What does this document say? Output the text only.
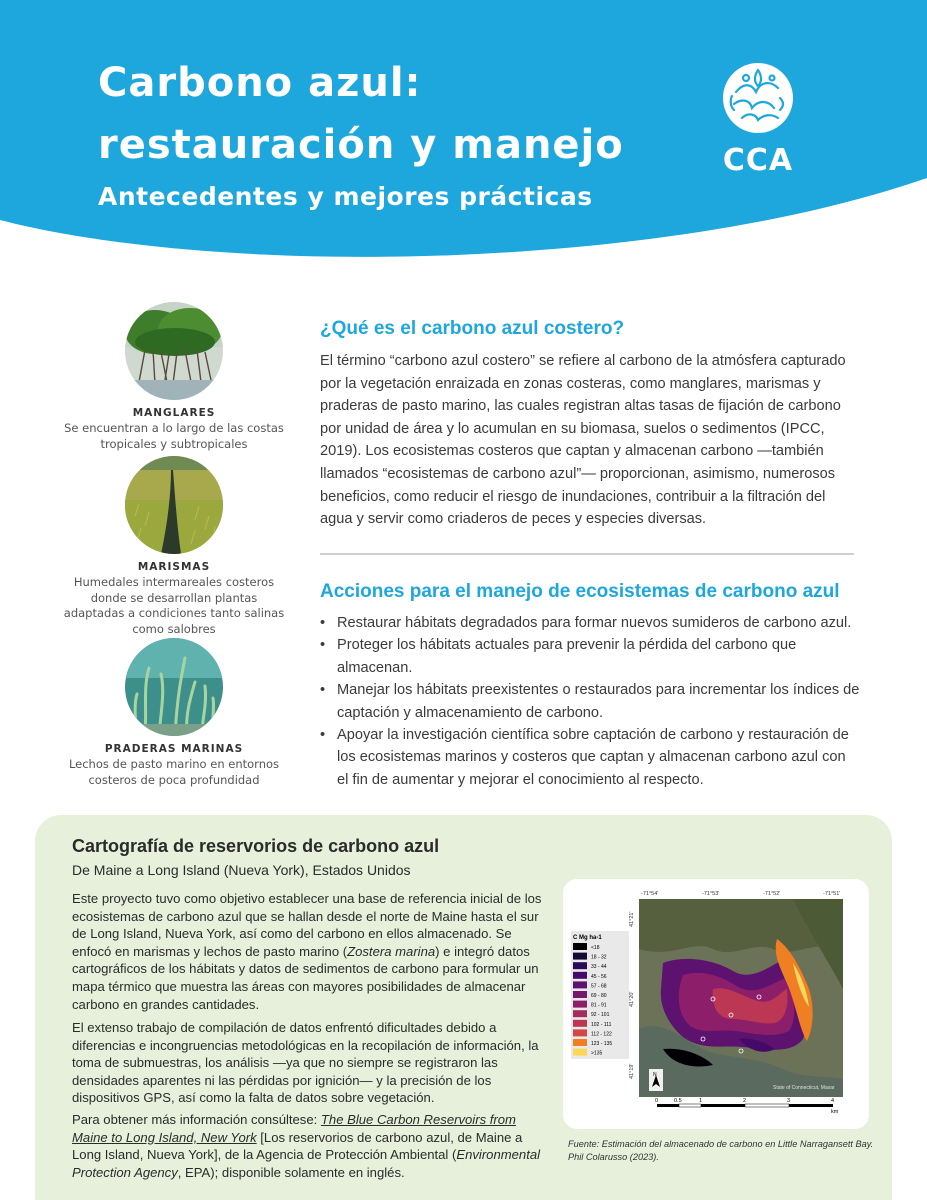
Carbono azul:
restauración y manejo
Antecedentes y mejores prácticas
CCA
MANGLARES
Se encuentran a lo largo de las costas tropicales y subtropicales
MARISMAS
Humedales intermareales costeros donde se desarrollan plantas adaptadas a condiciones tanto salinas como salobres
PRADERAS MARINAS
Lechos de pasto marino en entornos costeros de poca profundidad
¿Qué es el carbono azul costero?
El término “carbono azul costero” se refiere al carbono de la atmósfera capturado por la vegetación enraizada en zonas costeras, como manglares, marismas y praderas de pasto marino, las cuales registran altas tasas de fijación de carbono por unidad de área y lo acumulan en su biomasa, suelos o sedimentos (IPCC, 2019). Los ecosistemas costeros que captan y almacenan carbono —también llamados “ecosistemas de carbono azul”— proporcionan, asimismo, numerosos beneficios, como reducir el riesgo de inundaciones, contribuir a la filtración del agua y servir como criaderos de peces y especies diversas.
Acciones para el manejo de ecosistemas de carbono azul
• Restaurar hábitats degradados para formar nuevos sumideros de carbono azul.
• Proteger los hábitats actuales para prevenir la pérdida del carbono que almacenan.
• Manejar los hábitats preexistentes o restaurados para incrementar los índices de captación y almacenamiento de carbono.
• Apoyar la investigación científica sobre captación de carbono y restauración de los ecosistemas marinos y costeros que captan y almacenan carbono azul con el fin de aumentar y mejorar el conocimiento al respecto.
Cartografía de reservorios de carbono azul
De Maine a Long Island (Nueva York), Estados Unidos
Este proyecto tuvo como objetivo establecer una base de referencia inicial de los ecosistemas de carbono azul que se hallan desde el norte de Maine hasta el sur de Long Island, Nueva York, así como del carbono en ellos almacenado. Se enfocó en marismas y lechos de pasto marino (Zostera marina) e integró datos cartográficos de los hábitats y datos de sedimentos de carbono para formular un mapa térmico que muestra las áreas con mayores posibilidades de almacenar carbono en grandes cantidades.
El extenso trabajo de compilación de datos enfrentó dificultades debido a diferencias e incongruencias metodológicas en la recopilación de información, la toma de submuestras, los análisis —ya que no siempre se registraron las densidades aparentes ni las pérdidas por ignición— y la precisión de los dispositivos GPS, así como la falta de datos sobre vegetación.
Para obtener más información consúltese: The Blue Carbon Reservoirs from Maine to Long Island, New York [Los reservorios de carbono azul, de Maine a Long Island, Nueva York], de la Agencia de Protección Ambiental (Environmental Protection Agency, EPA); disponible solamente en inglés.
-71°54'	-71°53'	-71°52'	-71°51'
41°21'
41°20'
41°19'
State of Connecticut, Maxar
N
C Mg ha-1
<18
18 - 32
33 - 44
45 - 56
57 - 68
69 - 80
81 - 91
92 - 101
102 - 111
112 - 122
123 - 135
>135
0	0.5	1	2	3	4
km
Fuente: Estimación del almacenado de carbono en Little Narragansett Bay. Phil Colarusso (2023).
